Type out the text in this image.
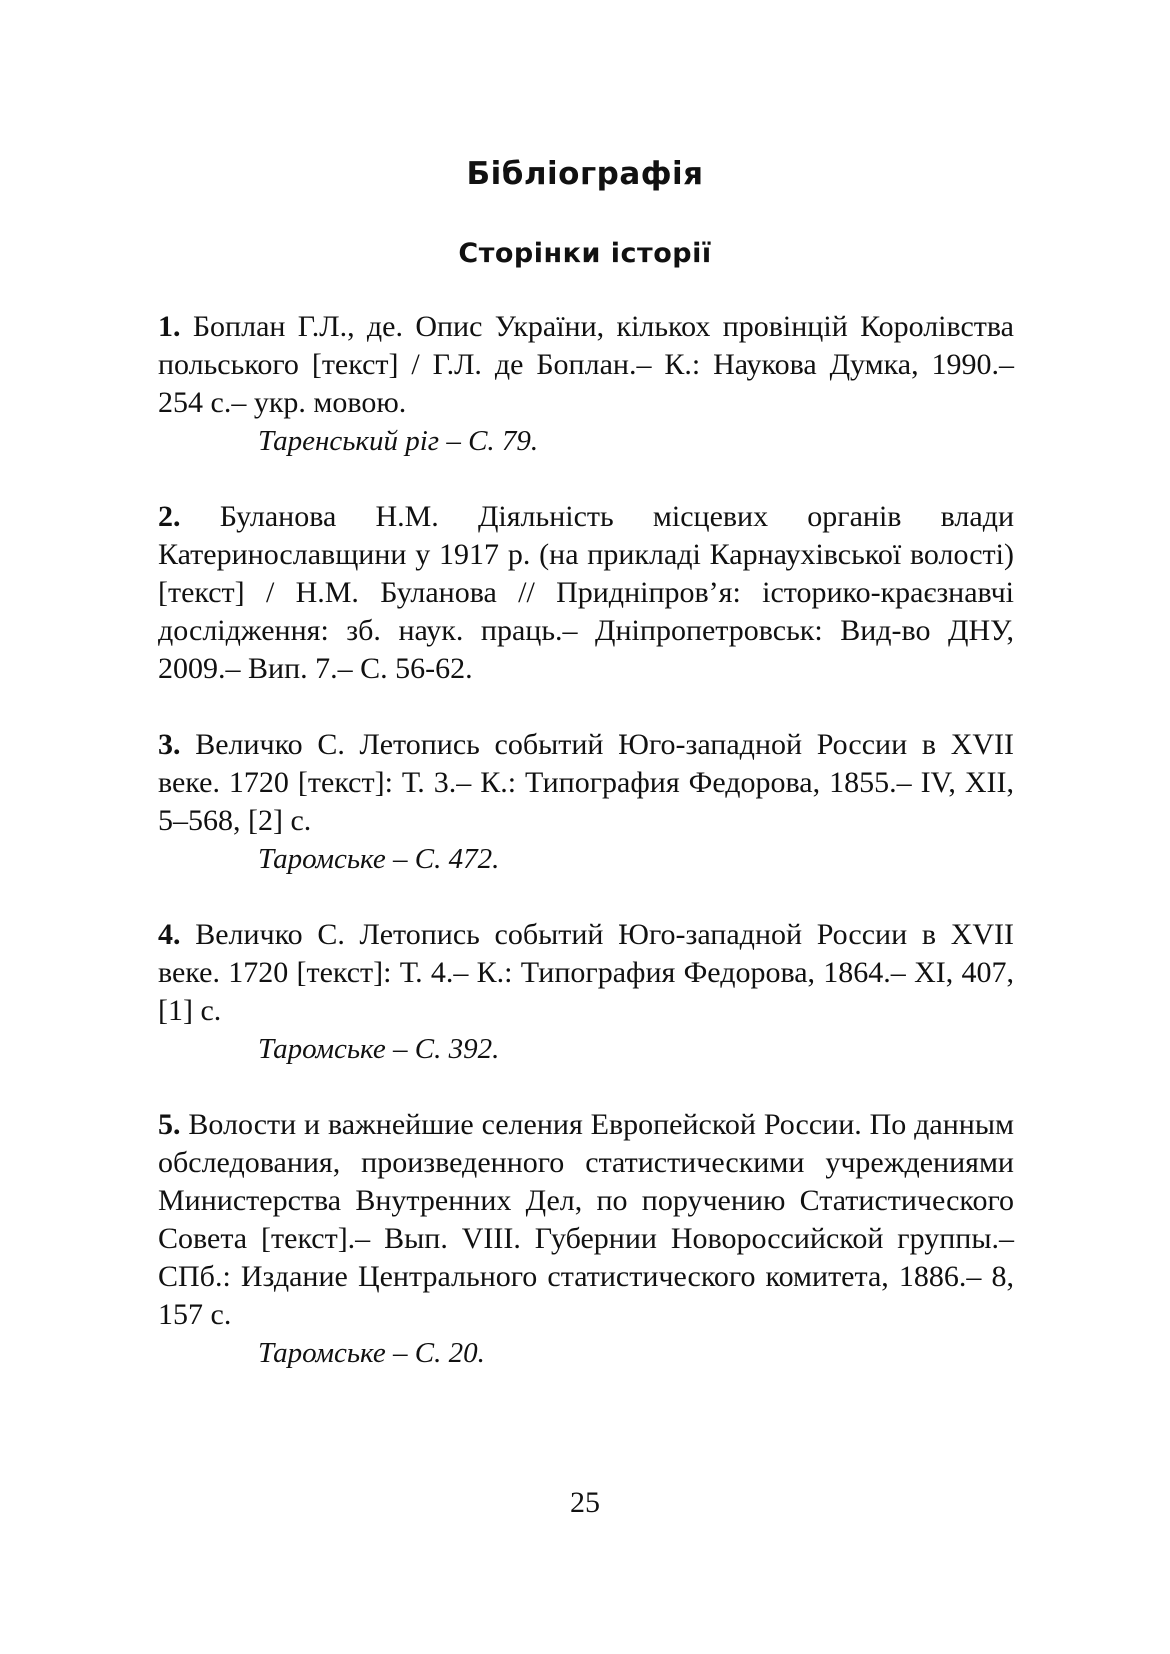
Бібліографія
Сторінки історії

1. Боплан Г.Л., де. Опис України, кількох провінцій Королівства польського [текст] / Г.Л. де Боплан.– К.: Наукова Думка, 1990.– 254 с.– укр. мовою.

Таренський ріг – С. 79.

2. Буланова Н.М. Діяльність місцевих органів влади Катеринославщини у 1917 р. (на прикладі Карнаухівської волості) [текст] / Н.М. Буланова // Придніпров’я: історико-краєзнавчі дослідження: зб. наук. праць.– Дніпропетровськ: Вид-во ДНУ, 2009.– Вип. 7.– С. 56-62.

3. Величко С. Летопись событий Юго-западной России в XVII веке. 1720 [текст]: Т. 3.– К.: Типография Федорова, 1855.– IV, XII, 5–568, [2] с.

Таромське – С. 472.

4. Величко С. Летопись событий Юго-западной России в XVII веке. 1720 [текст]: Т. 4.– К.: Типография Федорова, 1864.– XI, 407, [1] с.

Таромське – С. 392.

5. Волости и важнейшие селения Европейской России. По данным обследования, произведенного статистическими учреждениями Министерства Внутренних Дел, по поручению Статистического Совета [текст].– Вып. VIII. Губернии Новороссийской группы.– СПб.: Издание Центрального статистического комитета, 1886.– 8, 157 с.

Таромське – С. 20.

25
